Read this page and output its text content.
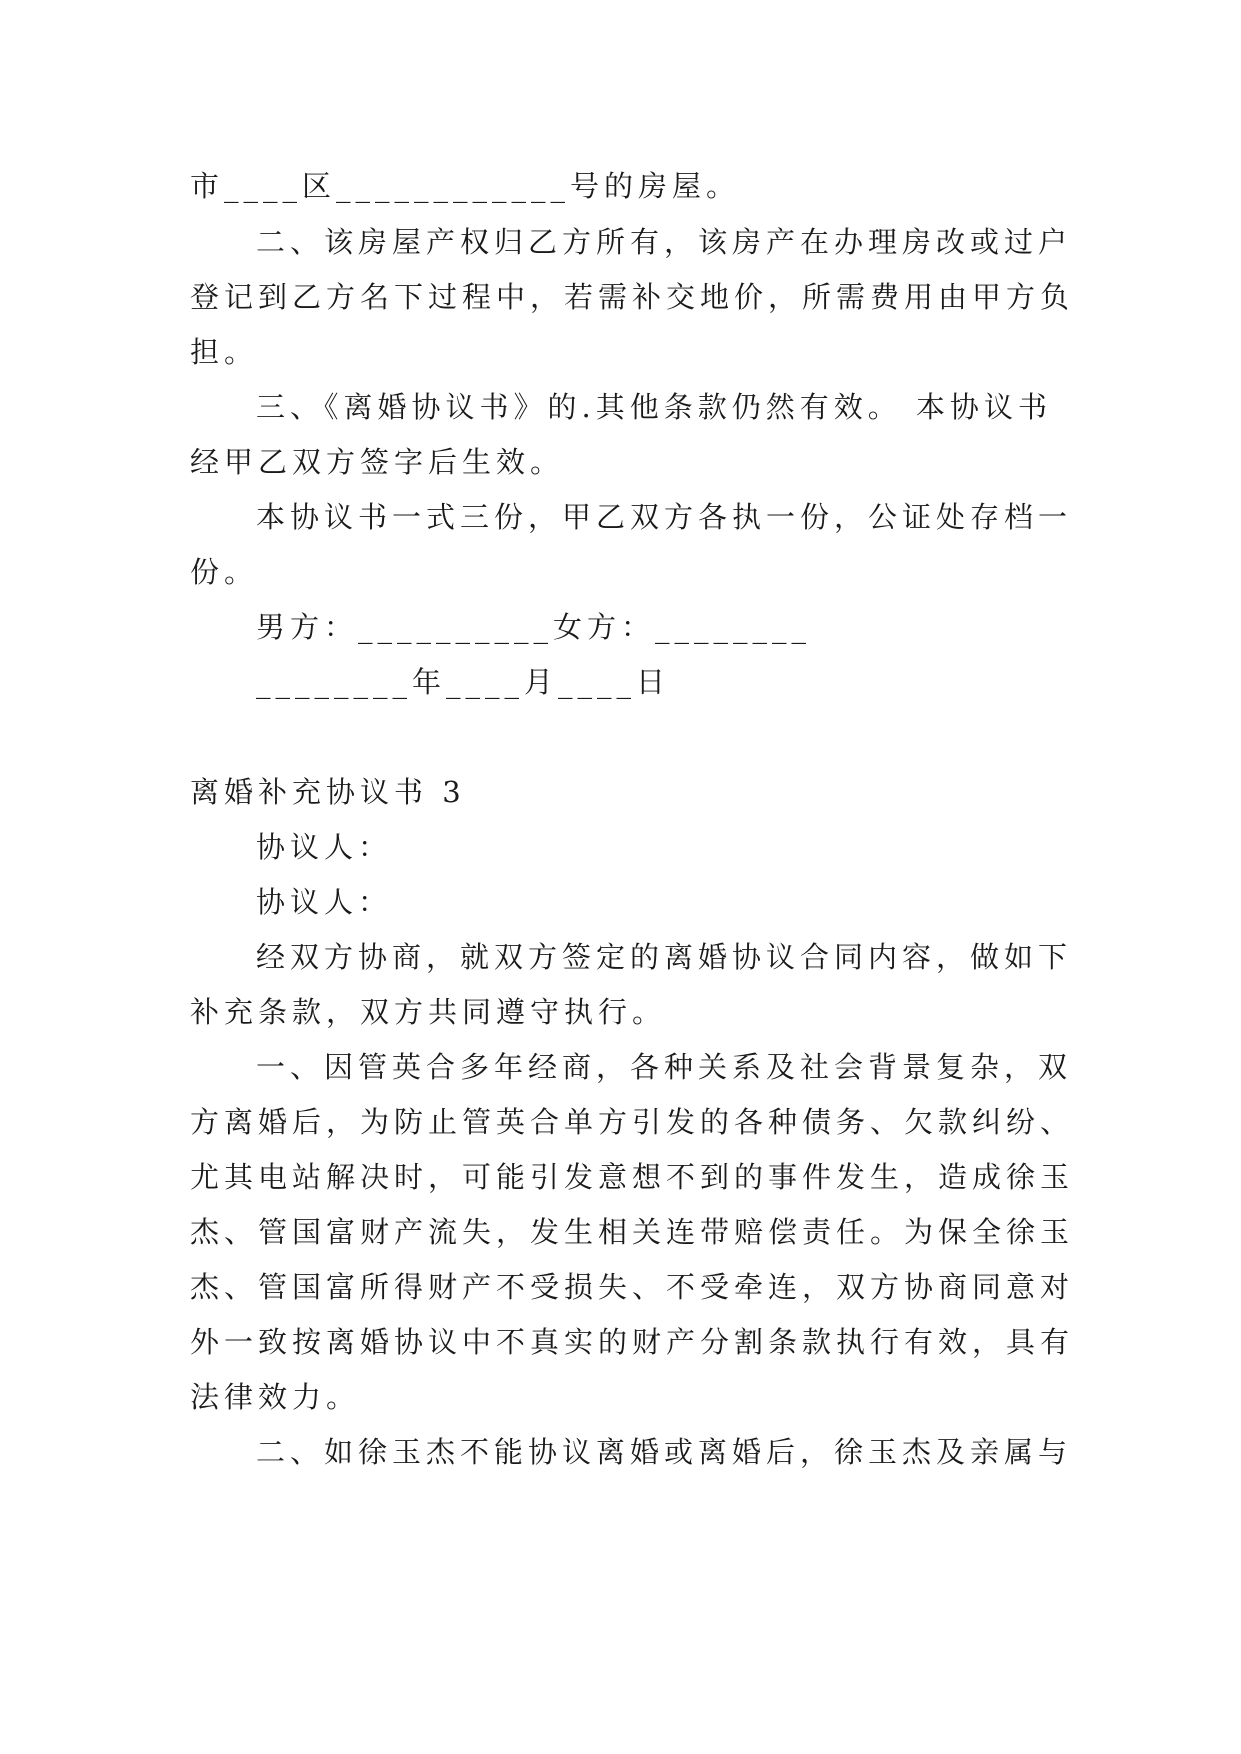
市____区____________号的房屋。
二、该房屋产权归乙方所有，该房产在办理房改或过户
登记到乙方名下过程中，若需补交地价，所需费用由甲方负
担。
三、《离婚协议书》的.其他条款仍然有效。 本协议书
经甲乙双方签字后生效。
本协议书一式三份，甲乙双方各执一份，公证处存档一
份。
男方：__________女方：________
________年____月____日
离婚补充协议书 3
协议人：
协议人：
经双方协商，就双方签定的离婚协议合同内容，做如下
补充条款，双方共同遵守执行。
一、因管英合多年经商，各种关系及社会背景复杂，双
方离婚后，为防止管英合单方引发的各种债务、欠款纠纷、
尤其电站解决时，可能引发意想不到的事件发生，造成徐玉
杰、管国富财产流失，发生相关连带赔偿责任。为保全徐玉
杰、管国富所得财产不受损失、不受牵连，双方协商同意对
外一致按离婚协议中不真实的财产分割条款执行有效，具有
法律效力。
二、如徐玉杰不能协议离婚或离婚后，徐玉杰及亲属与
